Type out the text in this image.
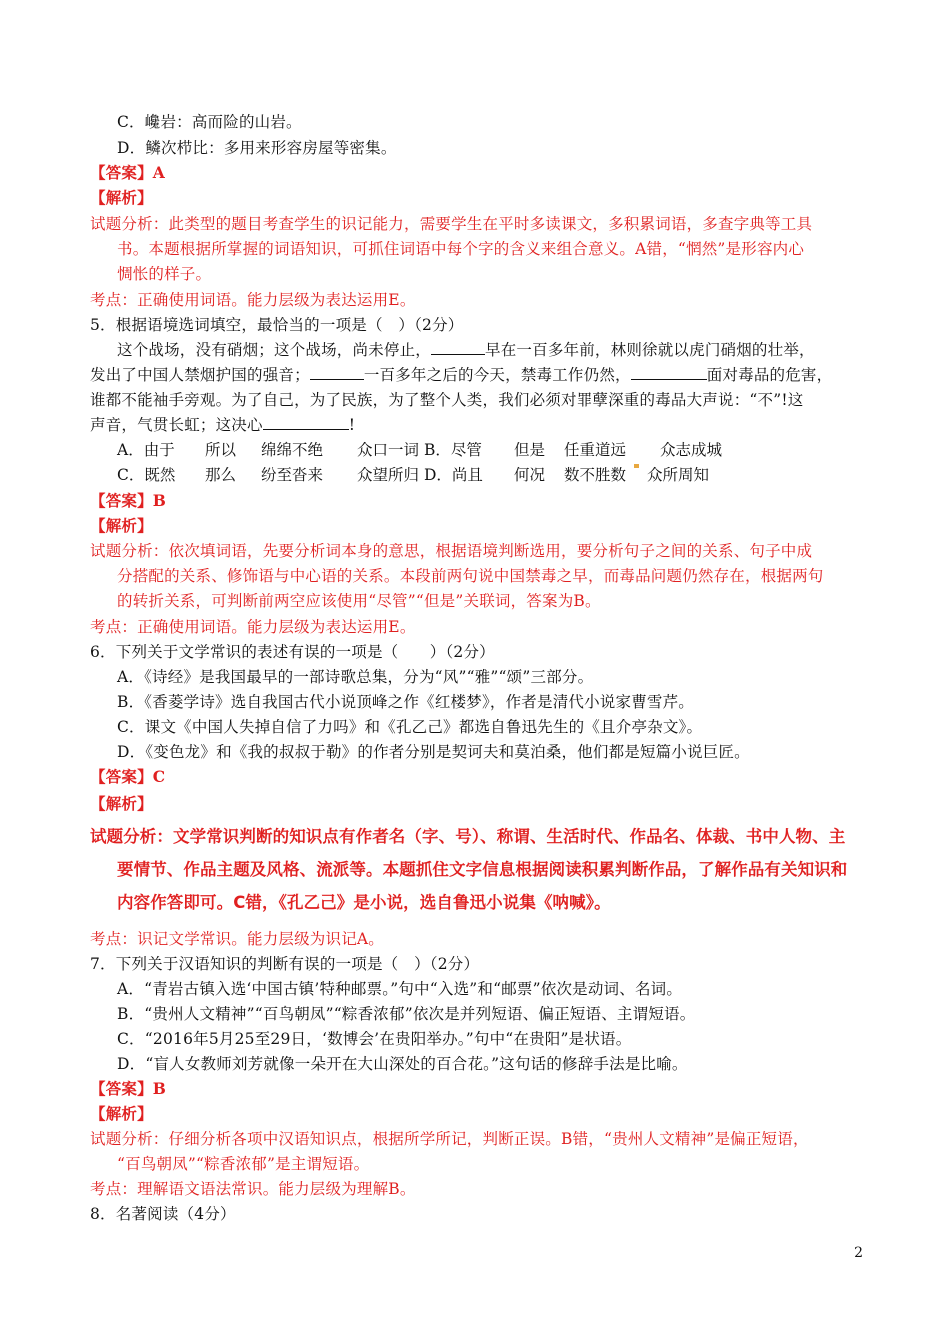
C．巉岩：高而险的山岩。
D．鳞次栉比：多用来形容房屋等密集。
【答案】A
【解析】
试题分析：此类型的题目考查学生的识记能力，需要学生在平时多读课文，多积累词语，多查字典等工具
书。本题根据所掌握的词语知识，可抓住词语中每个字的含义来组合意义。A错，“惘然”是形容内心
惆怅的样子。
考点：正确使用词语。能力层级为表达运用E。
5．根据语境选词填空，最恰当的一项是（　）（2分）
这个战场，没有硝烟；这个战场，尚未停止，	早在一百多年前，林则徐就以虎门硝烟的壮举，
发出了中国人禁烟护国的强音；	一百多年之后的今天，禁毒工作仍然，	面对毒品的危害，
谁都不能袖手旁观。为了自己，为了民族，为了整个人类，我们必须对罪孽深重的毒品大声说：“不”!这
声音，气贯长虹；这决心	!
A．由于	所以	绵绵不绝	众口一词 B．尽管	但是	任重道远	众志成城
C．既然	那么	纷至沓来	众望所归 D．尚且	何况	数不胜数 众所周知
【答案】B
【解析】
试题分析：依次填词语，先要分析词本身的意思，根据语境判断选用，要分析句子之间的关系、句子中成
分搭配的关系、修饰语与中心语的关系。本段前两句说中国禁毒之早，而毒品问题仍然存在，根据两句
的转折关系，可判断前两空应该使用“尽管”“但是”关联词，答案为B。
考点：正确使用词语。能力层级为表达运用E。
6．下列关于文学常识的表述有误的一项是（　　）（2分）
A．《诗经》是我国最早的一部诗歌总集，分为“风”“雅”“颂”三部分。
B．《香菱学诗》选自我国古代小说顶峰之作《红楼梦》，作者是清代小说家曹雪芹。
C．课文《中国人失掉自信了力吗》和《孔乙己》都选自鲁迅先生的《且介亭杂文》。
D．《变色龙》和《我的叔叔于勒》的作者分别是契诃夫和莫泊桑，他们都是短篇小说巨匠。
【答案】C
【解析】
试题分析：文学常识判断的知识点有作者名（字、号）、称谓、生活时代、作品名、体裁、书中人物、主
要情节、作品主题及风格、流派等。本题抓住文字信息根据阅读积累判断作品，了解作品有关知识和
内容作答即可。C错，《孔乙己》是小说，选自鲁迅小说集《呐喊》。
考点：识记文学常识。能力层级为识记A。
7．下列关于汉语知识的判断有误的一项是（　）（2分）
A．“青岩古镇入选‘中国古镇’特种邮票。”句中“入选”和“邮票”依次是动词、名词。
B．“贵州人文精神”“百鸟朝凤”“粽香浓郁”依次是并列短语、偏正短语、主谓短语。
C．“2016年5月25至29日，‘数博会’在贵阳举办。”句中“在贵阳”是状语。
D．“盲人女教师刘芳就像一朵开在大山深处的百合花。”这句话的修辞手法是比喻。
【答案】B
【解析】
试题分析：仔细分析各项中汉语知识点，根据所学所记，判断正误。B错，“贵州人文精神”是偏正短语，
“百鸟朝凤”“粽香浓郁”是主谓短语。
考点：理解语文语法常识。能力层级为理解B。
8．名著阅读（4分）
2
